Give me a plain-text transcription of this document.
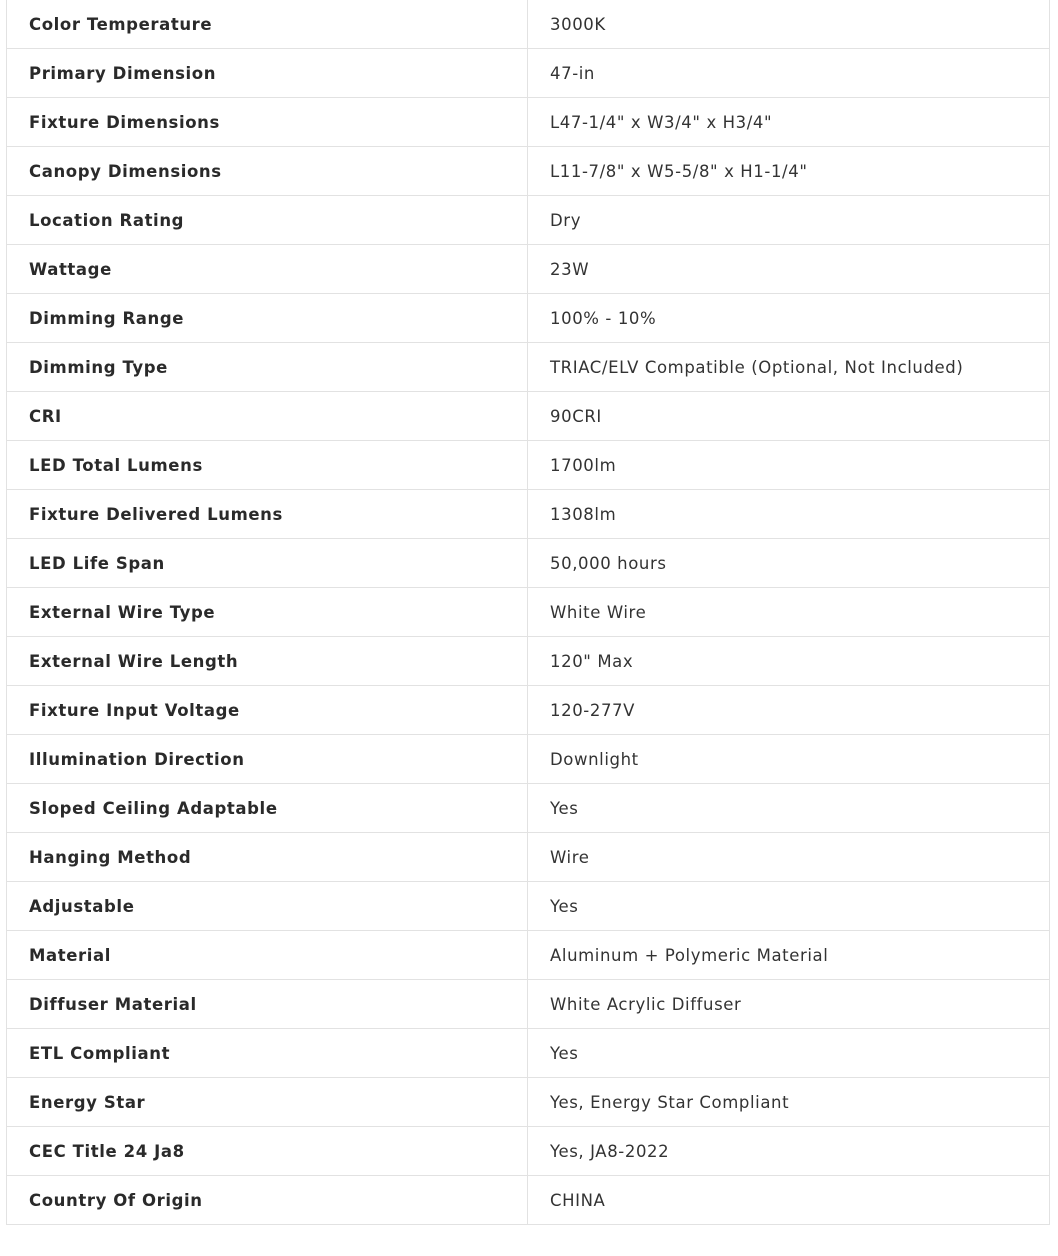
Color Temperature	3000K
Primary Dimension	47-in
Fixture Dimensions	L47-1/4" x W3/4" x H3/4"
Canopy Dimensions	L11-7/8" x W5-5/8" x H1-1/4"
Location Rating	Dry
Wattage	23W
Dimming Range	100% - 10%
Dimming Type	TRIAC/ELV Compatible (Optional, Not Included)
CRI	90CRI
LED Total Lumens	1700lm
Fixture Delivered Lumens	1308lm
LED Life Span	50,000 hours
External Wire Type	White Wire
External Wire Length	120" Max
Fixture Input Voltage	120-277V
Illumination Direction	Downlight
Sloped Ceiling Adaptable	Yes
Hanging Method	Wire
Adjustable	Yes
Material	Aluminum + Polymeric Material
Diffuser Material	White Acrylic Diffuser
ETL Compliant	Yes
Energy Star	Yes, Energy Star Compliant
CEC Title 24 Ja8	Yes, JA8-2022
Country Of Origin	CHINA
